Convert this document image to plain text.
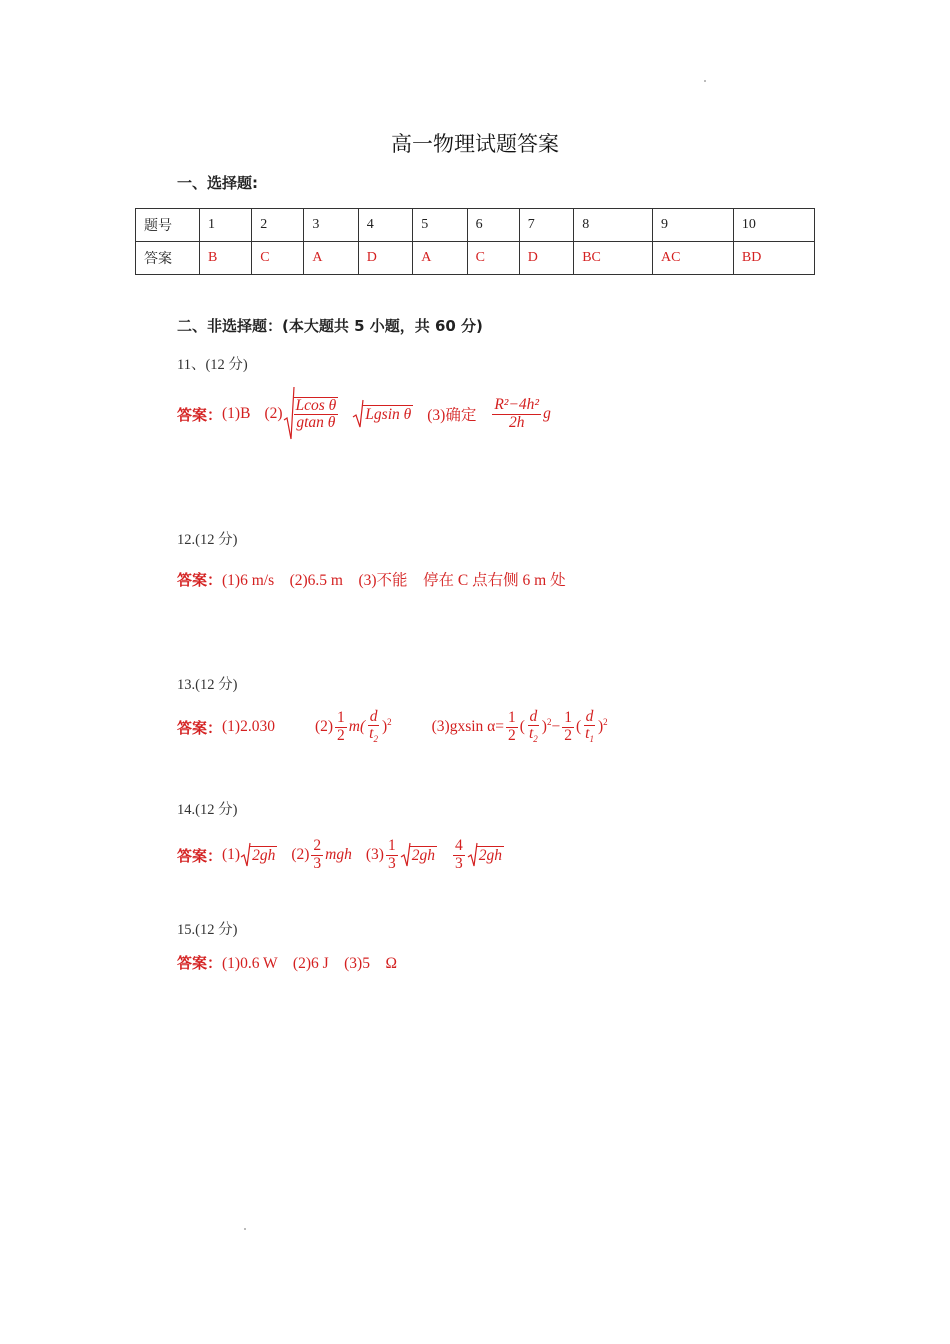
高一物理试题答案
一、选择题:
题号	1	2	3	4	5	6	7	8	9	10
答案	B	C	A	D	A	C	D	BC	AC	BD
二、非选择题：(本大题共 5 小题，共 60 分)
11、(12 分)
答案： (1)B $(2) \frac{\text{Lcos θ}}{\text{gtan θ}}$ Lgsin θ (3)确定 $\frac{\text{R²−4h²}}{2h}$ g
12.(12 分)
答案： (1)6 m/s　(2)6.5 m　(3)不能　停在 C 点右侧 6 m 处
13.(12 分)
答案： (1)2.030	$(2) \frac{1}{2} m( \frac{d}{t_2} )^2$	(3)gxsin $\alpha= \frac{1}{2}$ ( $\frac{d}{t_2} )^2- \frac{1}{2}$ ( $\frac{d}{t_1} )^2$
14.(12 分)
答案： (1) 2gh $(2) \frac{2}{3}$ mgh $(3) \frac{1}{3} 2gh \frac{4}{3} 2gh$
15.(12 分)
答案： (1)0.6 W　(2)6 J　(3)5　Ω
